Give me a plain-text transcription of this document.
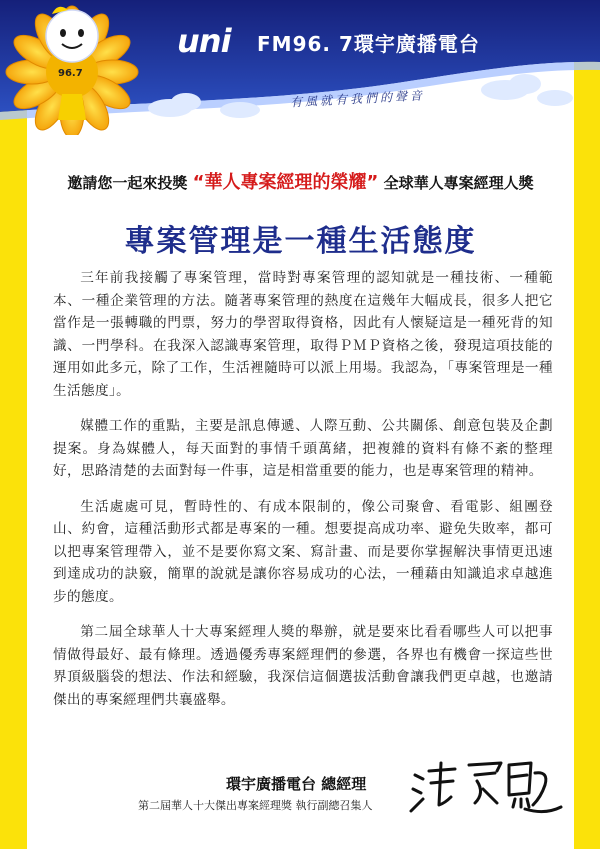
uni FM96. 7環宇廣播電台
96.7
有風就有我們的聲音
邀請您一起來投獎 “華人專案經理的榮耀” 全球華人專案經理人獎
專案管理是一種生活態度

三年前我接觸了專案管理，當時對專案管理的認知就是一種技術、一種範本、一種企業管理的方法。隨著專案管理的熱度在這幾年大幅成長，很多人把它當作是一張轉職的門票，努力的學習取得資格，因此有人懷疑這是一種死背的知識、一門學科。在我深入認識專案管理，取得ＰＭＰ資格之後，發現這項技能的運用如此多元，除了工作，生活裡隨時可以派上用場。我認為，「專案管理是一種生活態度」。

媒體工作的重點，主要是訊息傳遞、人際互動、公共關係、創意包裝及企劃提案。身為媒體人，每天面對的事情千頭萬緒，把複雜的資料有條不紊的整理好，思路清楚的去面對每一件事，這是相當重要的能力，也是專案管理的精神。

生活處處可見，暫時性的、有成本限制的，像公司聚會、看電影、組團登山、約會，這種活動形式都是專案的一種。想要提高成功率、避免失敗率，都可以把專案管理帶入，並不是要你寫文案、寫計畫、而是要你掌握解決事情更迅速到達成功的訣竅，簡單的說就是讓你容易成功的心法，一種藉由知識追求卓越進步的態度。

第二屆全球華人十大專案經理人獎的舉辦，就是要來比看看哪些人可以把事情做得最好、最有條理。透過優秀專案經理們的參選，各界也有機會一探這些世界頂級腦袋的想法、作法和經驗，我深信這個選拔活動會讓我們更卓越，也邀請傑出的專案經理們共襄盛舉。

環宇廣播電台 總經理
第二屆華人十大傑出專案經理獎 執行副總召集人
